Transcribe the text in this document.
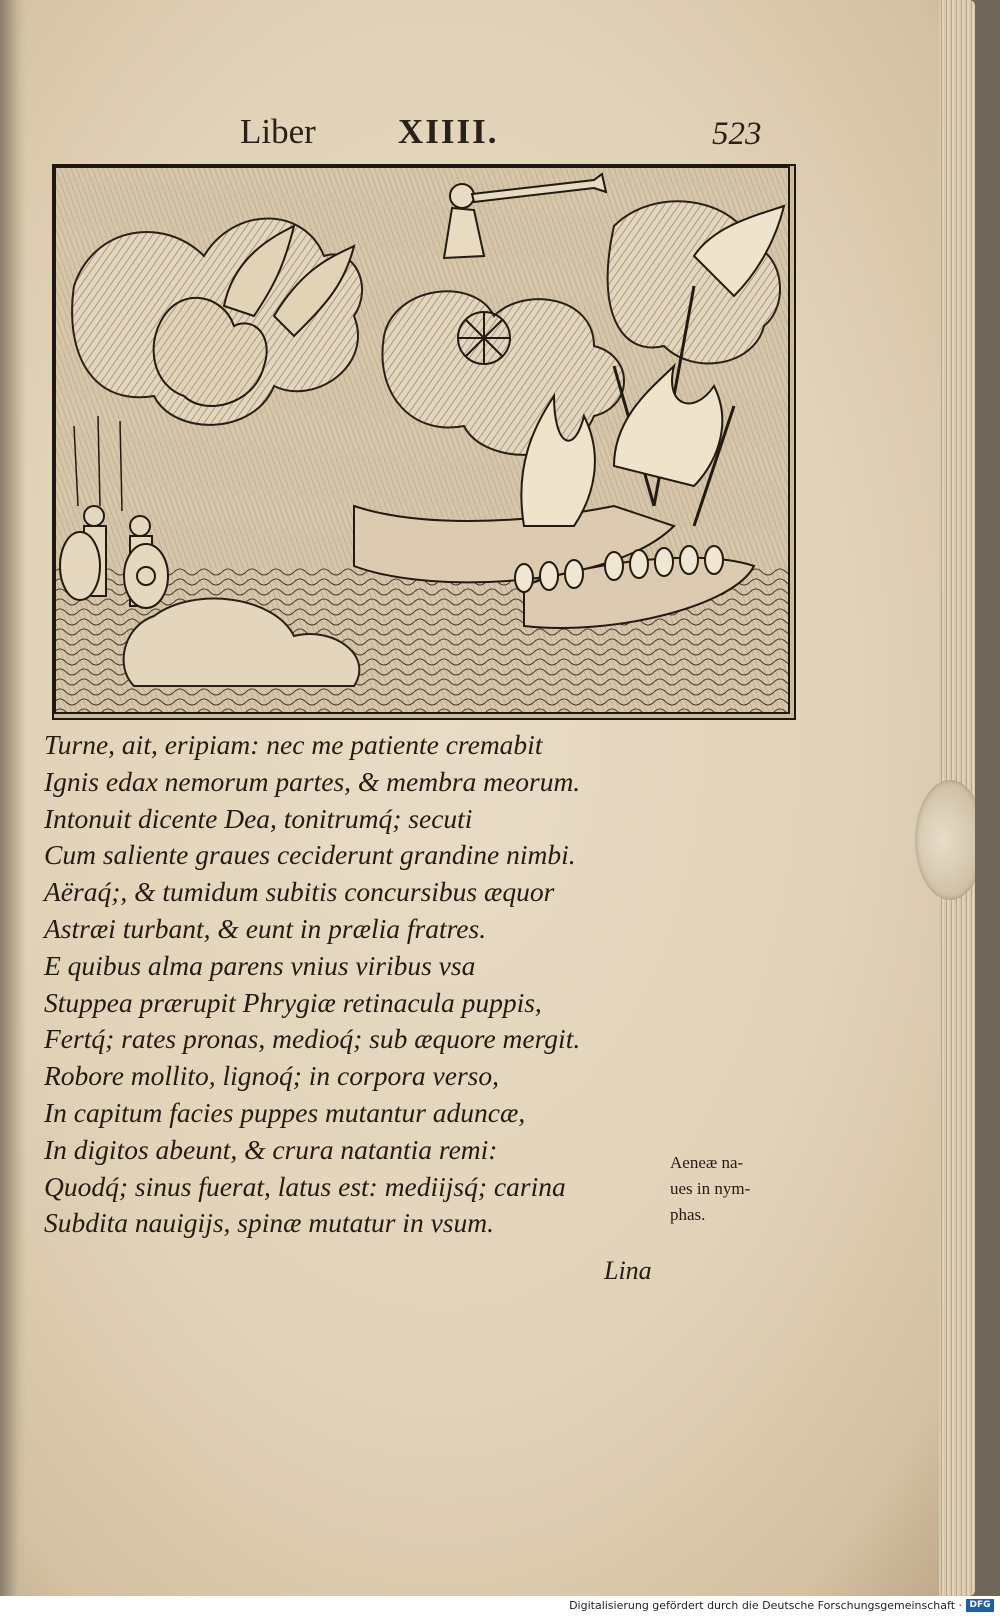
Liber XIIII.	523
Turne, ait, eripiam: nec me patiente cremabit
Ignis edax nemorum partes, & membra meorum.
Intonuit dicente Dea, tonitrumq́; secuti
Cum saliente graues ceciderunt grandine nimbi.
Aëraq́;, & tumidum subitis concursibus æquor
Astræi turbant, & eunt in prælia fratres.
E quibus alma parens vnius viribus vsa
Stuppea prærupit Phrygiæ retinacula puppis,
Fertq́; rates pronas, medioq́; sub æquore mergit.
Robore mollito, lignoq́; in corpora verso,
In capitum facies puppes mutantur aduncæ,
In digitos abeunt, & crura natantia remi:
Quodq́; sinus fuerat, latus est: mediijsq́; carina
Subdita nauigijs, spinæ mutatur in vsum.
Aeneæ na-
ues in nym-
phas.
Lina
Digitalisierung gefördert durch die Deutsche Forschungsgemeinschaft · DFG
